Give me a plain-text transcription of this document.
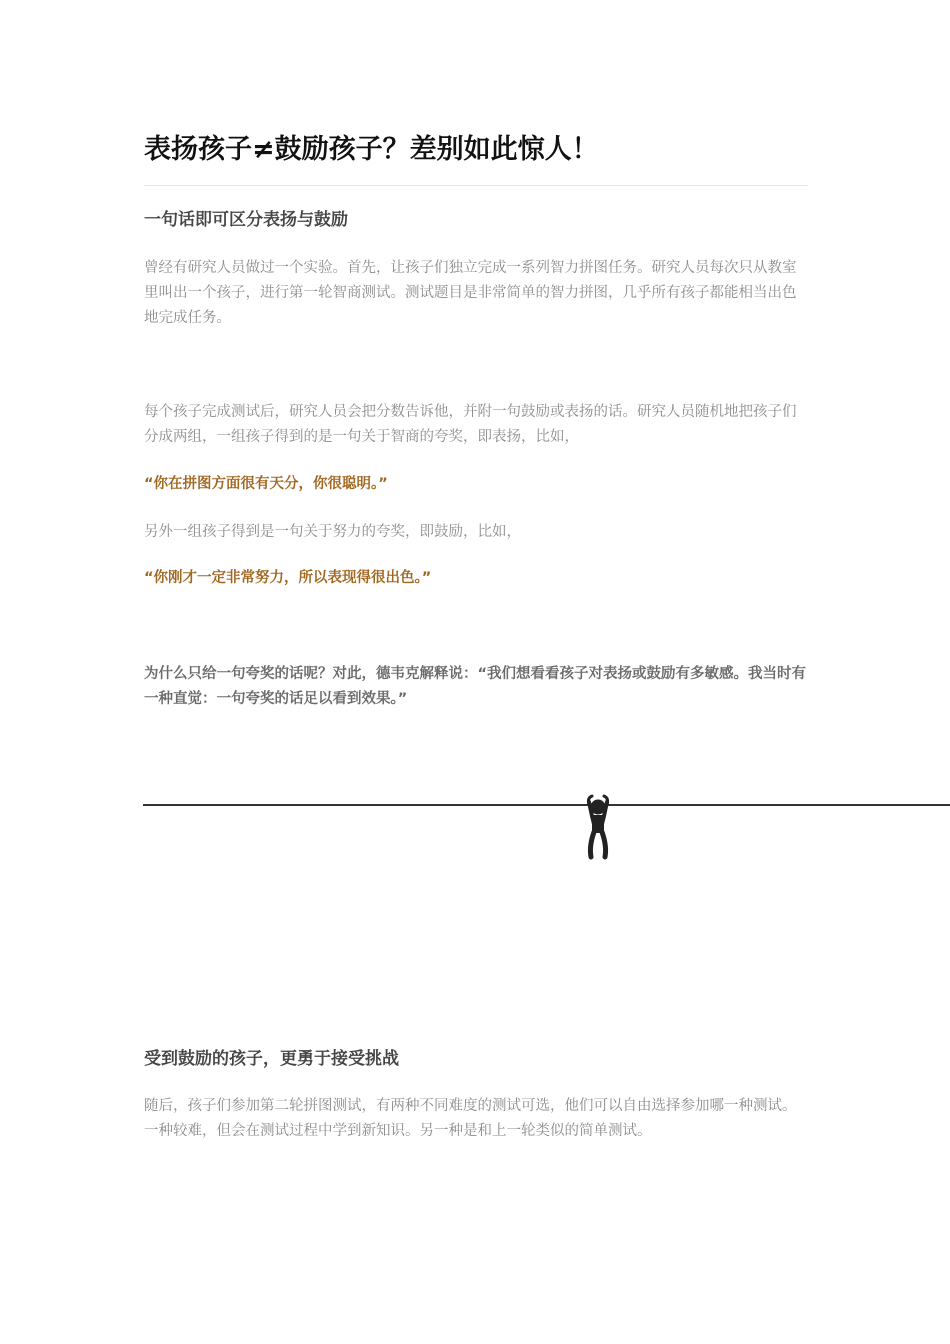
表扬孩子≠鼓励孩子？差别如此惊人！
一句话即可区分表扬与鼓励

曾经有研究人员做过一个实验。首先，让孩子们独立完成一系列智力拼图任务。研究人员每次只从教室里叫出一个孩子，进行第一轮智商测试。测试题目是非常简单的智力拼图，几乎所有孩子都能相当出色地完成任务。

每个孩子完成测试后，研究人员会把分数告诉他，并附一句鼓励或表扬的话。研究人员随机地把孩子们分成两组，一组孩子得到的是一句关于智商的夸奖，即表扬，比如，

“你在拼图方面很有天分，你很聪明。”

另外一组孩子得到是一句关于努力的夸奖，即鼓励，比如，

“你刚才一定非常努力，所以表现得很出色。”

为什么只给一句夸奖的话呢？对此，德韦克解释说：“我们想看看孩子对表扬或鼓励有多敏感。我当时有一种直觉：一句夸奖的话足以看到效果。”

受到鼓励的孩子，更勇于接受挑战

随后，孩子们参加第二轮拼图测试，有两种不同难度的测试可选，他们可以自由选择参加哪一种测试。一种较难，但会在测试过程中学到新知识。另一种是和上一轮类似的简单测试。
